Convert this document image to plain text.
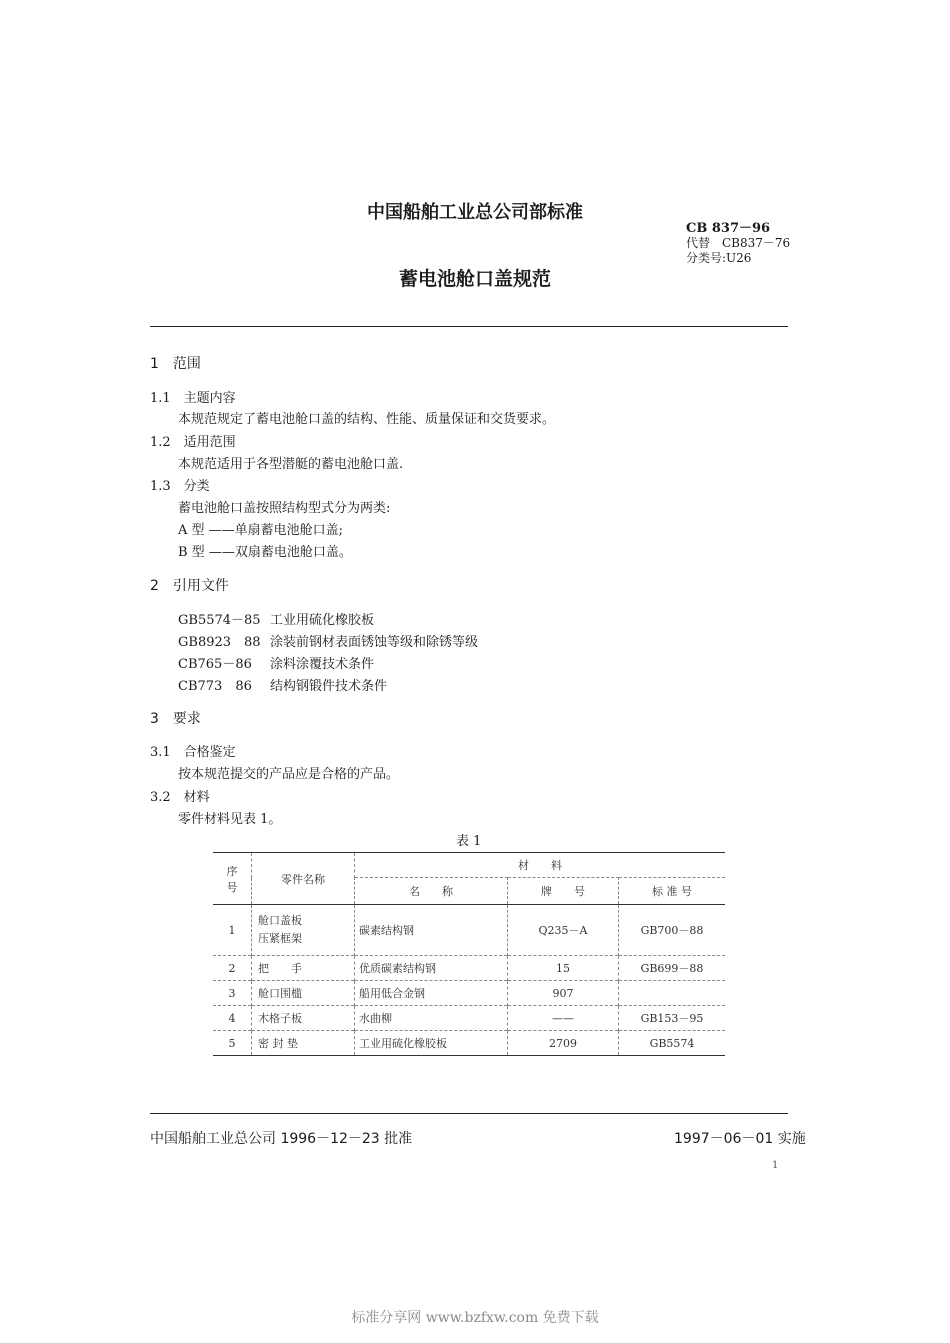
中国船舶工业总公司部标准
CB 837－96
代替　CB837－76
分类号:U26
蓄电池舱口盖规范
1　范围
1.1　主题内容
本规范规定了蓄电池舱口盖的结构、性能、质量保证和交货要求。
1.2　适用范围
本规范适用于各型潜艇的蓄电池舱口盖.
1.3　分类
蓄电池舱口盖按照结构型式分为两类:
A 型 ——单扇蓄电池舱口盖;
B 型 ——双扇蓄电池舱口盖。
2　引用文件
GB5574－85 工业用硫化橡胶板
GB8923　88 涂装前钢材表面锈蚀等级和除锈等级
CB765－86 涂料涂覆技术条件
CB773　86 结构钢锻件技术条件
3　要求
3.1　合格鉴定
按本规范提交的产品应是合格的产品。
3.2　材料
零件材料见表 1。
表 1
序
号	零件名称	材　　料		
		名　　称	牌　　号	标 准 号
1	舱口盖板
压紧框架	碳素结构钢	Q235－A	GB700－88
2	把　　手	优质碳素结构钢	15	GB699－88
3	舱口围槛	船用低合金钢	907	
4	木格子板	水曲柳	——	GB153－95
5	密 封 垫	工业用硫化橡胶板	2709	GB5574
中国船舶工业总公司 1996－12－23 批准	1997－06－01 实施
1
标准分享网 www.bzfxw.com 免费下载
